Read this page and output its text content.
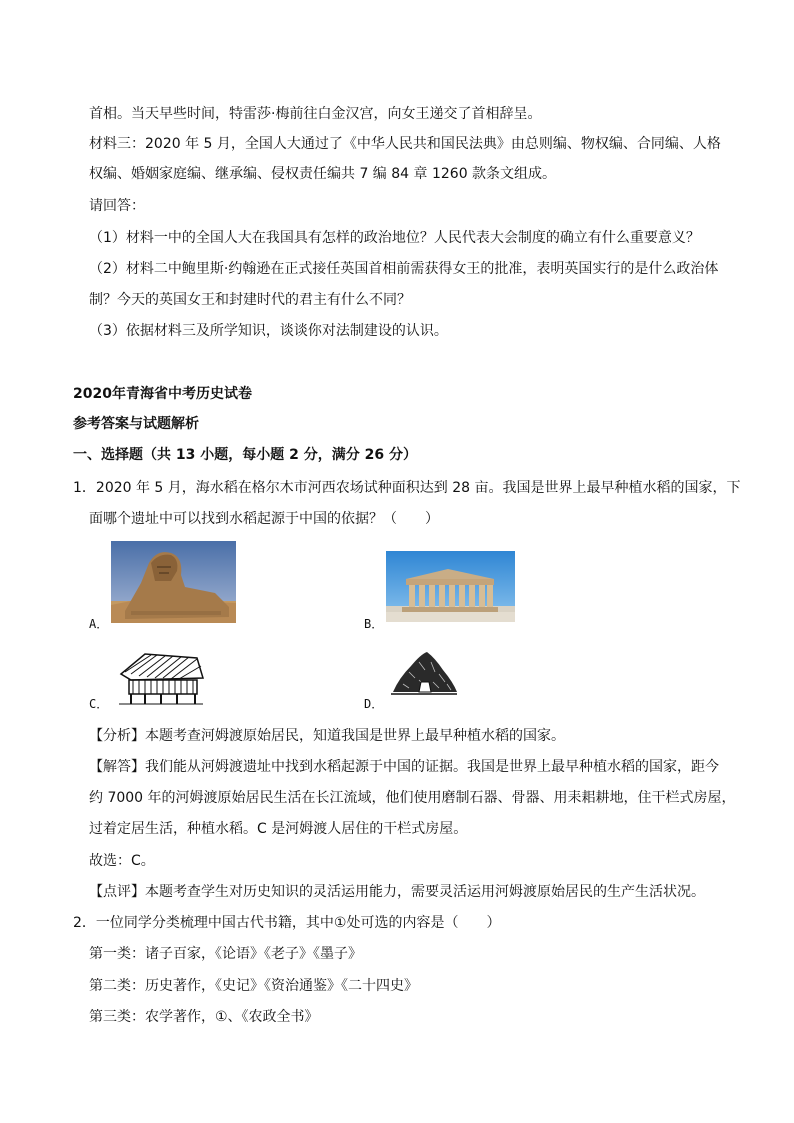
首相。当天早些时间，特雷莎·梅前往白金汉宫，向女王递交了首相辞呈。
材料三：2020 年 5 月，全国人大通过了《中华人民共和国民法典》由总则编、物权编、合同编、人格
权编、婚姻家庭编、继承编、侵权责任编共 7 编 84 章 1260 款条文组成。
请回答：
（1）材料一中的全国人大在我国具有怎样的政治地位？人民代表大会制度的确立有什么重要意义？
（2）材料二中鲍里斯·约翰逊在正式接任英国首相前需获得女王的批准，表明英国实行的是什么政治体
制？今天的英国女王和封建时代的君主有什么不同？
（3）依据材料三及所学知识，谈谈你对法制建设的认识。
2020年青海省中考历史试卷
参考答案与试题解析
一、选择题（共 13 小题，每小题 2 分，满分 26 分）
1．2020 年 5 月，海水稻在格尔木市河西农场试种面积达到 28 亩。我国是世界上最早种植水稻的国家，下
面哪个遗址中可以找到水稻起源于中国的依据？（　　）
A．	B．
C．	D．
【分析】本题考查河姆渡原始居民，知道我国是世界上最早种植水稻的国家。
【解答】我们能从河姆渡遗址中找到水稻起源于中国的证据。我国是世界上最早种植水稻的国家，距今
约 7000 年的河姆渡原始居民生活在长江流域，他们使用磨制石器、骨器、用耒耜耕地，住干栏式房屋，
过着定居生活，种植水稻。C 是河姆渡人居住的干栏式房屋。
故选：C。
【点评】本题考查学生对历史知识的灵活运用能力，需要灵活运用河姆渡原始居民的生产生活状况。
2．一位同学分类梳理中国古代书籍，其中①处可选的内容是（　　）
第一类：诸子百家，《论语》《老子》《墨子》
第二类：历史著作，《史记》《资治通鉴》《二十四史》
第三类：农学著作，①、《农政全书》
